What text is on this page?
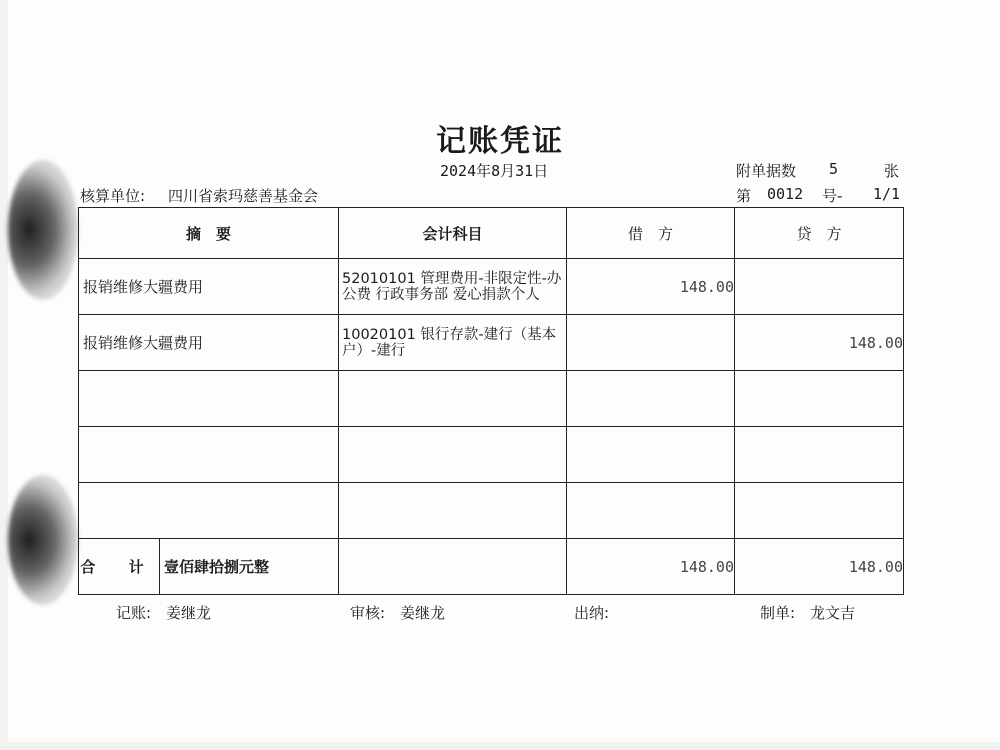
记账凭证
2024年8月31日	附单据数 5	张
核算单位: 四川省索玛慈善基金会	第 0012 号- 1/1
摘　要	会计科目	借　方	贷　方
报销维修大疆费用	52010101 管理费用-非限定性-办公费 行政事务部 爱心捐款个人	148.00	
报销维修大疆费用	10020101 银行存款-建行（基本户）-建行		148.00

合 计 壹佰肆拾捌元整		148.00	148.00
记账:　姜继龙	审核:　姜继龙	出纳:	制单:　龙文吉
